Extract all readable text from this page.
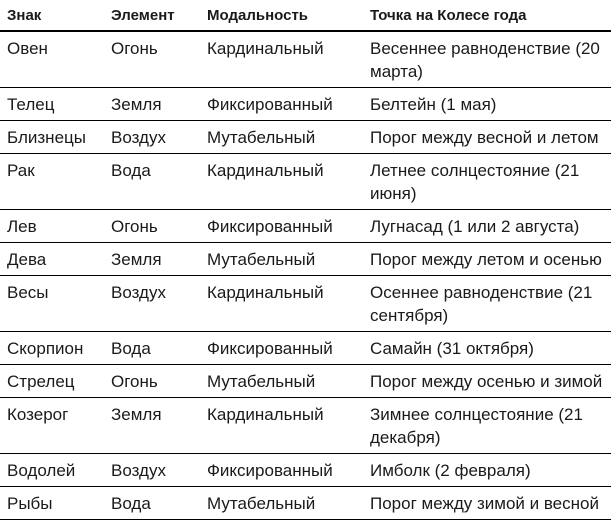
Знак	Элемент	Модальность	Точка на Колесе года
Овен	Огонь	Кардинальный	Весеннее равноденствие (20 марта)
Телец	Земля	Фиксированный	Белтейн (1 мая)
Близнецы	Воздух	Мутабельный	Порог между весной и летом
Рак	Вода	Кардинальный	Летнее солнцестояние (21 июня)
Лев	Огонь	Фиксированный	Лугнасад (1 или 2 августа)
Дева	Земля	Мутабельный	Порог между летом и осенью
Весы	Воздух	Кардинальный	Осеннее равноденствие (21 сентября)
Скорпион	Вода	Фиксированный	Самайн (31 октября)
Стрелец	Огонь	Мутабельный	Порог между осенью и зимой
Козерог	Земля	Кардинальный	Зимнее солнцестояние (21 декабря)
Водолей	Воздух	Фиксированный	Имболк (2 февраля)
Рыбы	Вода	Мутабельный	Порог между зимой и весной
